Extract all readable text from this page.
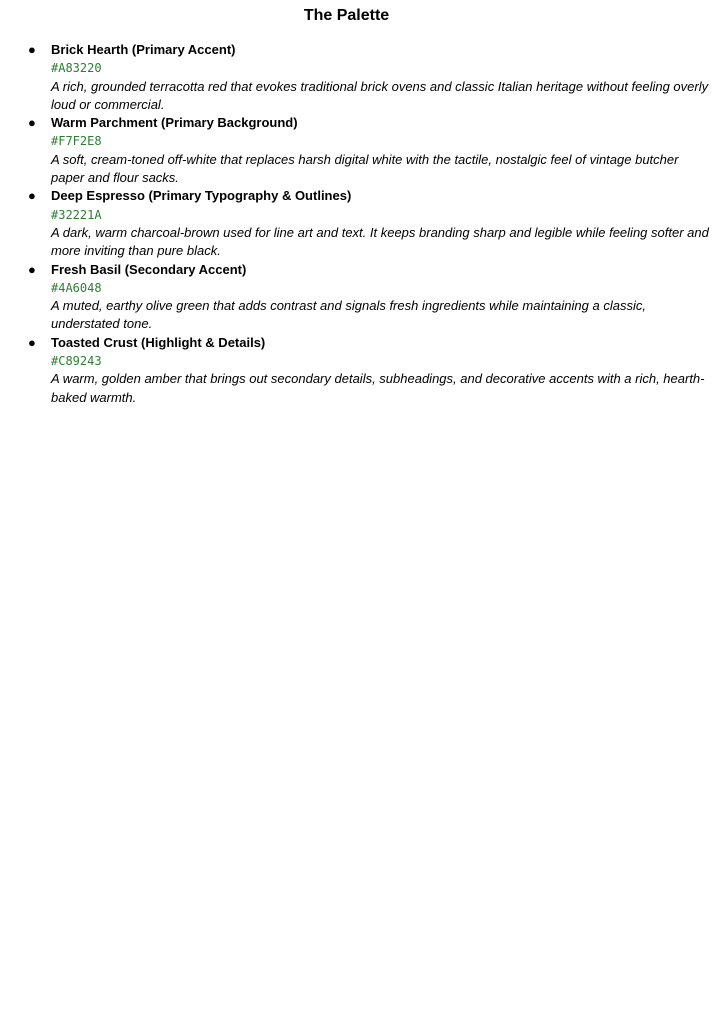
The Palette
● Brick Hearth (Primary Accent)
#A83220
A rich, grounded terracotta red that evokes traditional brick ovens and classic Italian heritage without feeling overly loud or commercial.
● Warm Parchment (Primary Background)
#F7F2E8
A soft, cream-toned off-white that replaces harsh digital white with the tactile, nostalgic feel of vintage butcher paper and flour sacks.
● Deep Espresso (Primary Typography & Outlines)
#32221A
A dark, warm charcoal-brown used for line art and text. It keeps branding sharp and legible while feeling softer and more inviting than pure black.
● Fresh Basil (Secondary Accent)
#4A6048
A muted, earthy olive green that adds contrast and signals fresh ingredients while maintaining a classic, understated tone.
● Toasted Crust (Highlight & Details)
#C89243
A warm, golden amber that brings out secondary details, subheadings, and decorative accents with a rich, hearth-baked warmth.
